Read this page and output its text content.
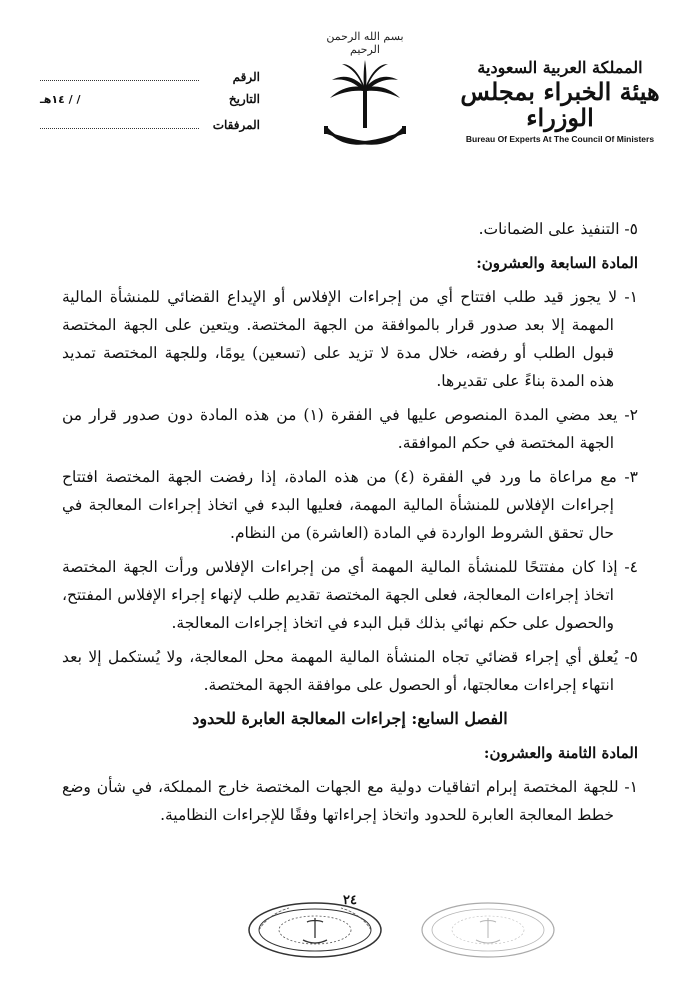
الرقم
التاريخ
/ / ١٤هـ
المرفقات
بسم الله الرحمن الرحيم
المملكة العربية السعودية
هيئة الخبراء بمجلس الوزراء
Bureau Of Experts At The Council Of Ministers

٥- التنفيذ على الضمانات.

المادة السابعة والعشرون:

١- لا يجوز قيد طلب افتتاح أي من إجراءات الإفلاس أو الإيداع القضائي للمنشأة المالية المهمة إلا بعد صدور قرار بالموافقة من الجهة المختصة. ويتعين على الجهة المختصة قبول الطلب أو رفضه، خلال مدة لا تزيد على (تسعين) يومًا، وللجهة المختصة تمديد هذه المدة بناءً على تقديرها.

٢- يعد مضي المدة المنصوص عليها في الفقرة (١) من هذه المادة دون صدور قرار من الجهة المختصة في حكم الموافقة.

٣- مع مراعاة ما ورد في الفقرة (٤) من هذه المادة، إذا رفضت الجهة المختصة افتتاح إجراءات الإفلاس للمنشأة المالية المهمة، فعليها البدء في اتخاذ إجراءات المعالجة في حال تحقق الشروط الواردة في المادة (العاشرة) من النظام.

٤- إذا كان مفتتحًا للمنشأة المالية المهمة أي من إجراءات الإفلاس ورأت الجهة المختصة اتخاذ إجراءات المعالجة، فعلى الجهة المختصة تقديم طلب لإنهاء إجراء الإفلاس المفتتح، والحصول على حكم نهائي بذلك قبل البدء في اتخاذ إجراءات المعالجة.

٥- يُعلق أي إجراء قضائي تجاه المنشأة المالية المهمة محل المعالجة، ولا يُستكمل إلا بعد انتهاء إجراءات معالجتها، أو الحصول على موافقة الجهة المختصة.

الفصل السابع: إجراءات المعالجة العابرة للحدود

المادة الثامنة والعشرون:

١- للجهة المختصة إبرام اتفاقيات دولية مع الجهات المختصة خارج المملكة، في شأن وضع خطط المعالجة العابرة للحدود واتخاذ إجراءاتها وفقًا للإجراءات النظامية.

٢٤
